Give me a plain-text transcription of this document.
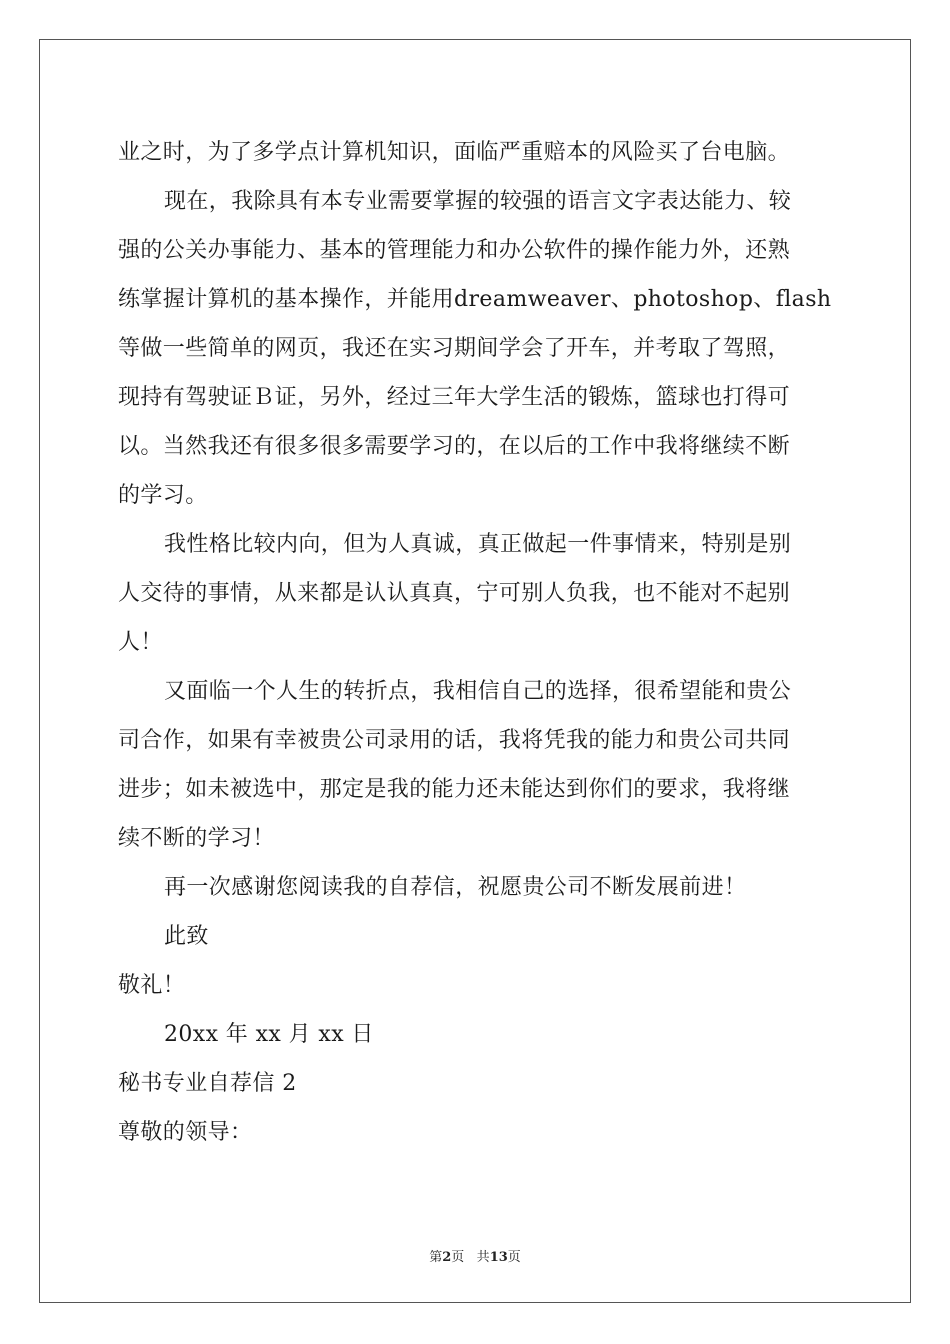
业之时，为了多学点计算机知识，面临严重赔本的风险买了台电脑。
现在，我除具有本专业需要掌握的较强的语言文字表达能力、较
强的公关办事能力、基本的管理能力和办公软件的操作能力外，还熟
练掌握计算机的基本操作，并能用dreamweaver、photoshop、flash
等做一些简单的网页，我还在实习期间学会了开车，并考取了驾照，
现持有驾驶证Ｂ证，另外，经过三年大学生活的锻炼，篮球也打得可
以。当然我还有很多很多需要学习的，在以后的工作中我将继续不断
的学习。
我性格比较内向，但为人真诚，真正做起一件事情来，特别是别
人交待的事情，从来都是认认真真，宁可别人负我，也不能对不起别
人！
又面临一个人生的转折点，我相信自己的选择，很希望能和贵公
司合作，如果有幸被贵公司录用的话，我将凭我的能力和贵公司共同
进步；如未被选中，那定是我的能力还未能达到你们的要求，我将继
续不断的学习！
再一次感谢您阅读我的自荐信，祝愿贵公司不断发展前进！
此致
敬礼！
20xx 年 xx 月 xx 日
秘书专业自荐信 2
尊敬的领导：
第2页 共13页
